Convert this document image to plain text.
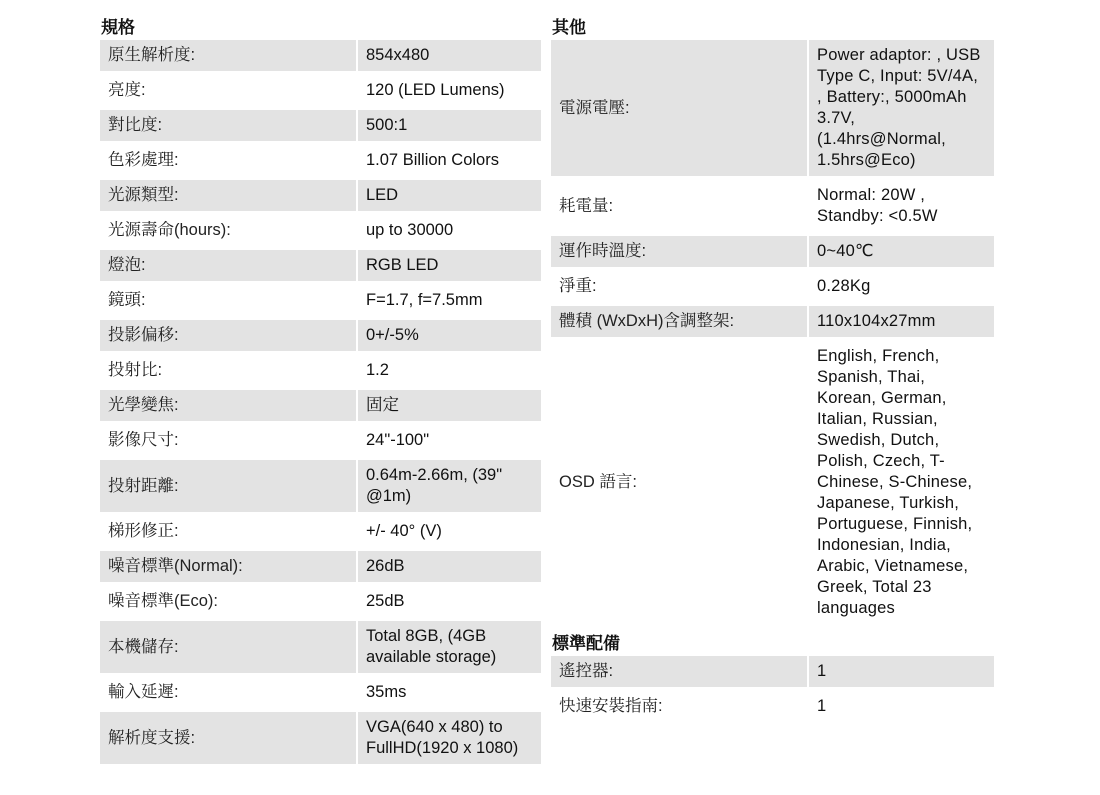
規格
原生解析度:	854x480
亮度:	120 (LED Lumens)
對比度:	500:1
色彩處理:	1.07 Billion Colors
光源類型:	LED
光源壽命(hours):	up to 30000
燈泡:	RGB LED
鏡頭:	F=1.7, f=7.5mm
投影偏移:	0+/-5%
投射比:	1.2
光學變焦:	固定
影像尺寸:	24"-100"
投射距離:	0.64m-2.66m, (39" @1m)
梯形修正:	+/- 40° (V)
噪音標準(Normal):	26dB
噪音標準(Eco):	25dB
本機儲存:	Total 8GB, (4GB available storage)
輸入延遲:	35ms
解析度支援:	VGA(640 x 480) to FullHD(1920 x 1080)
其他
電源電壓:	Power adaptor: , USB Type C, Input: 5V/4A, , Battery:, 5000mAh 3.7V, (1.4hrs@Normal, 1.5hrs@Eco)
耗電量:	Normal: 20W , Standby: <0.5W
運作時溫度:	0~40℃
淨重:	0.28Kg
體積 (WxDxH)含調整架:	110x104x27mm
OSD 語言:	English, French, Spanish, Thai, Korean, German, Italian, Russian, Swedish, Dutch, Polish, Czech, T-Chinese, S-Chinese, Japanese, Turkish, Portuguese, Finnish, Indonesian, India, Arabic, Vietnamese, Greek, Total 23 languages
標準配備
遙控器:	1
快速安裝指南:	1
